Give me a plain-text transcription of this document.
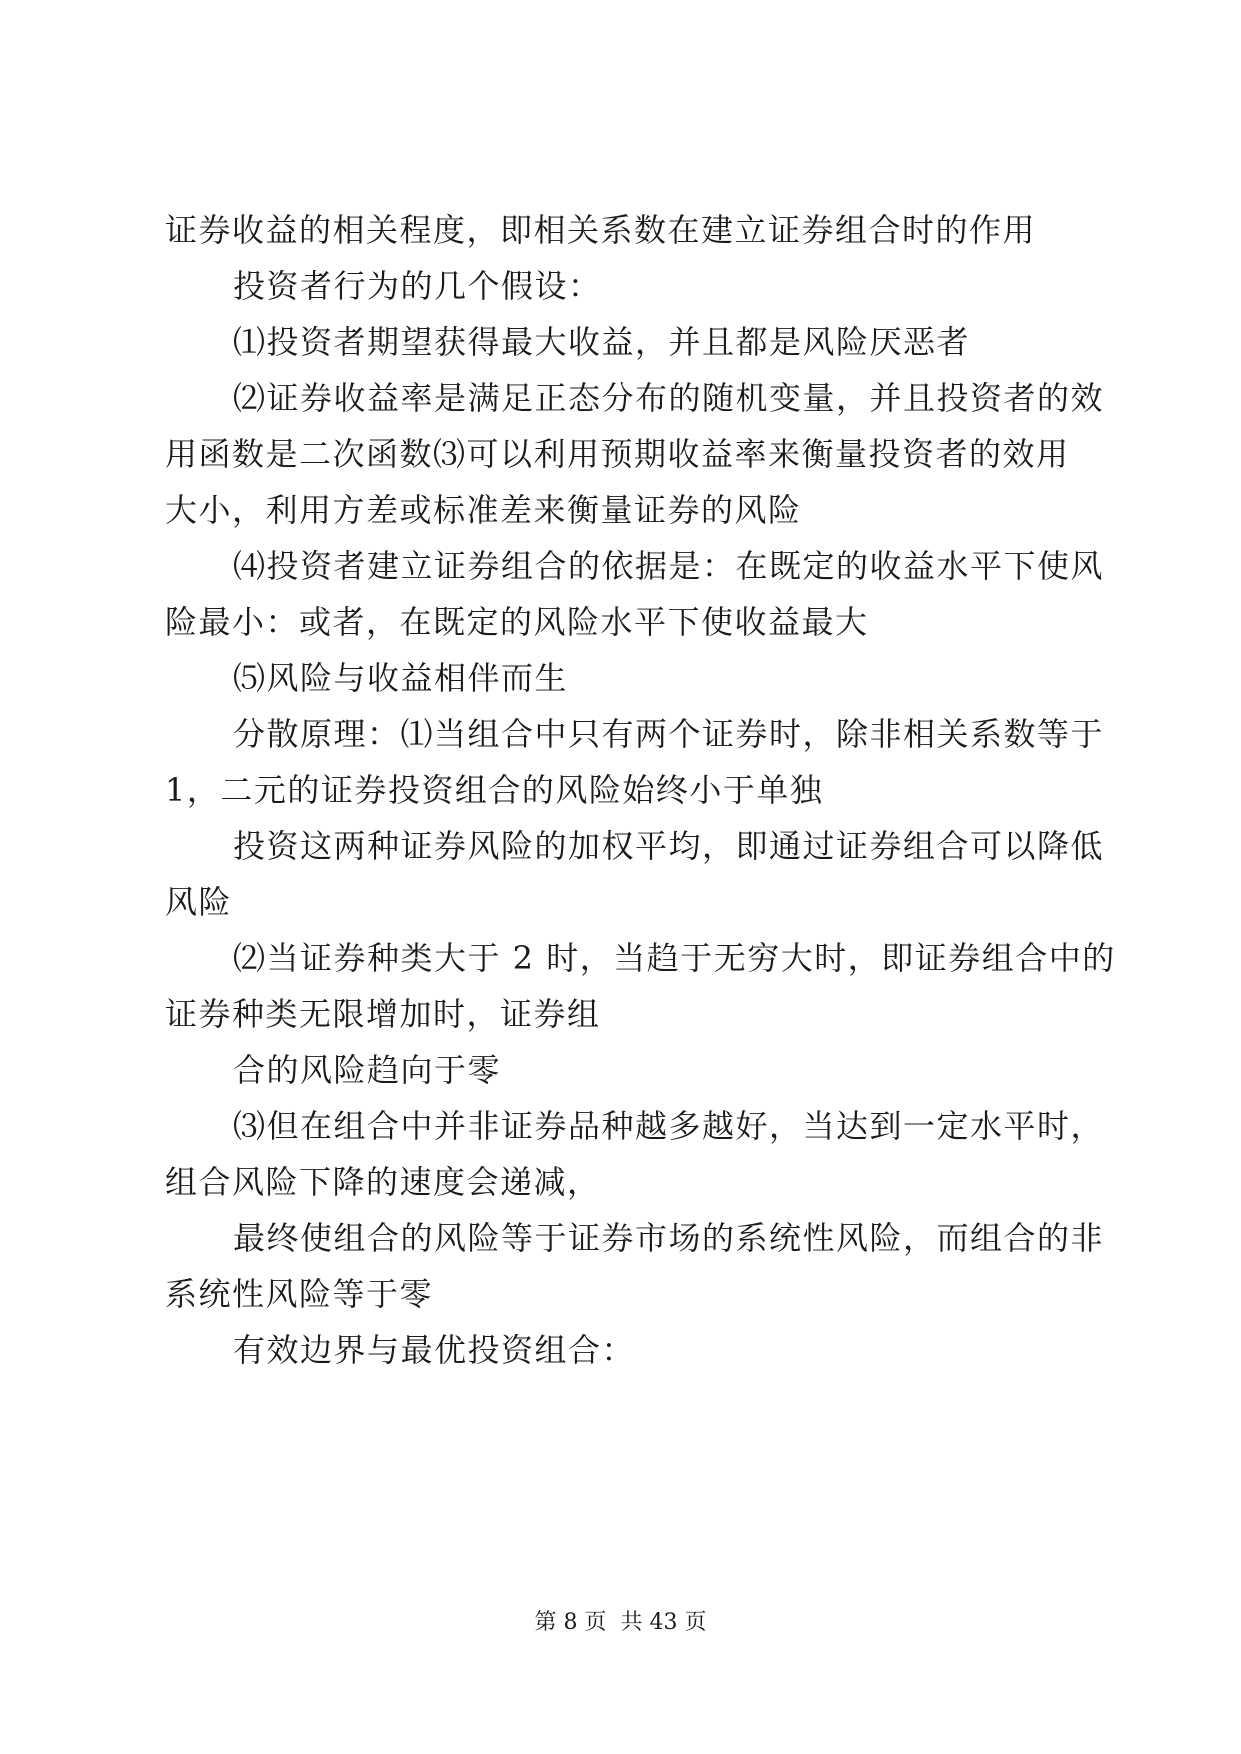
证券收益的相关程度，即相关系数在建立证券组合时的作用
投资者行为的几个假设：
⑴投资者期望获得最大收益，并且都是风险厌恶者
⑵证券收益率是满足正态分布的随机变量，并且投资者的效
用函数是二次函数⑶可以利用预期收益率来衡量投资者的效用
大小，利用方差或标准差来衡量证券的风险
⑷投资者建立证券组合的依据是：在既定的收益水平下使风
险最小：或者，在既定的风险水平下使收益最大
⑸风险与收益相伴而生
分散原理：⑴当组合中只有两个证券时，除非相关系数等于
1，二元的证券投资组合的风险始终小于单独
投资这两种证券风险的加权平均，即通过证券组合可以降低
风险
⑵当证券种类大于 2 时，当趋于无穷大时，即证券组合中的
证券种类无限增加时，证券组
合的风险趋向于零
⑶但在组合中并非证券品种越多越好，当达到一定水平时，
组合风险下降的速度会递减，
最终使组合的风险等于证券市场的系统性风险，而组合的非
系统性风险等于零
有效边界与最优投资组合：
第 8 页  共 43 页
